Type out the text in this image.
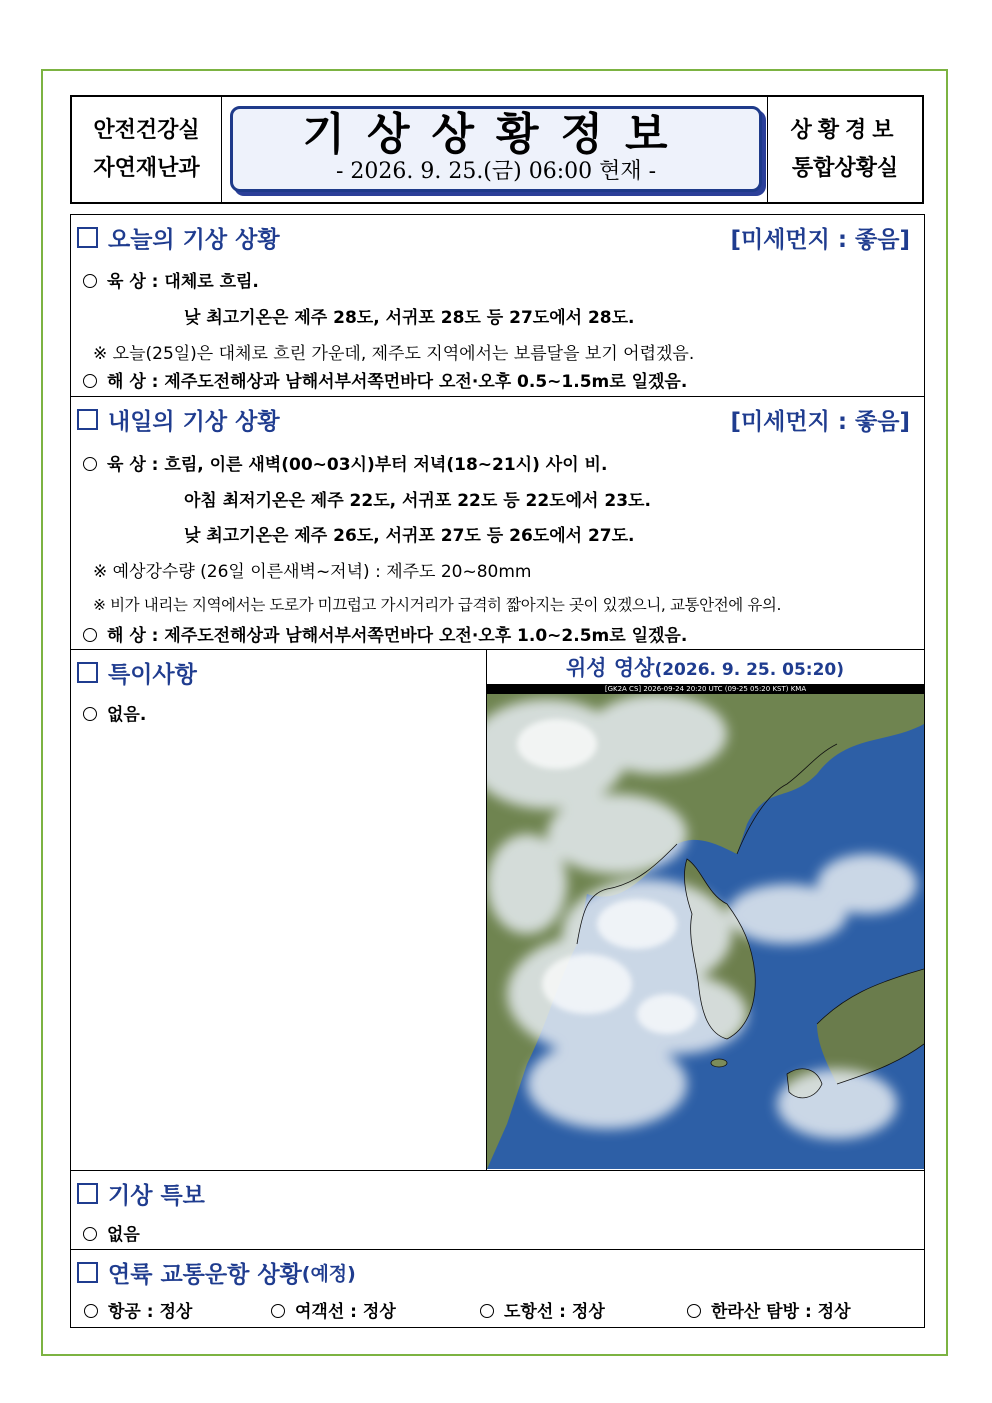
안전건강실
자연재난과
기상상황정보
- 2026. 9. 25.(금) 06:00 현재 -
상황경보
통합상황실
오늘의 기상 상황	[미세먼지 : 좋음]
육 상 : 대체로 흐림.
낮 최고기온은 제주 28도, 서귀포 28도 등 27도에서 28도.
※ 오늘(25일)은 대체로 흐린 가운데, 제주도 지역에서는 보름달을 보기 어렵겠음.
해 상 : 제주도전해상과 남해서부서쪽먼바다 오전·오후 0.5~1.5m로 일겠음.
내일의 기상 상황	[미세먼지 : 좋음]
육 상 : 흐림, 이른 새벽(00~03시)부터 저녁(18~21시) 사이 비.
아침 최저기온은 제주 22도, 서귀포 22도 등 22도에서 23도.
낮 최고기온은 제주 26도, 서귀포 27도 등 26도에서 27도.
※ 예상강수량 (26일 이른새벽~저녁) : 제주도 20~80mm
※ 비가 내리는 지역에서는 도로가 미끄럽고 가시거리가 급격히 짧아지는 곳이 있겠으니, 교통안전에 유의.
해 상 : 제주도전해상과 남해서부서쪽먼바다 오전·오후 1.0~2.5m로 일겠음.
특이사항
없음.
위성 영상(2026. 9. 25. 05:20)
[GK2A CS] 2026-09-24 20:20 UTC (09-25 05:20 KST) KMA
기상 특보
없음
연륙 교통운항 상황 (예정)
항공 : 정상	여객선 : 정상	도항선 : 정상	한라산 탐방 : 정상
